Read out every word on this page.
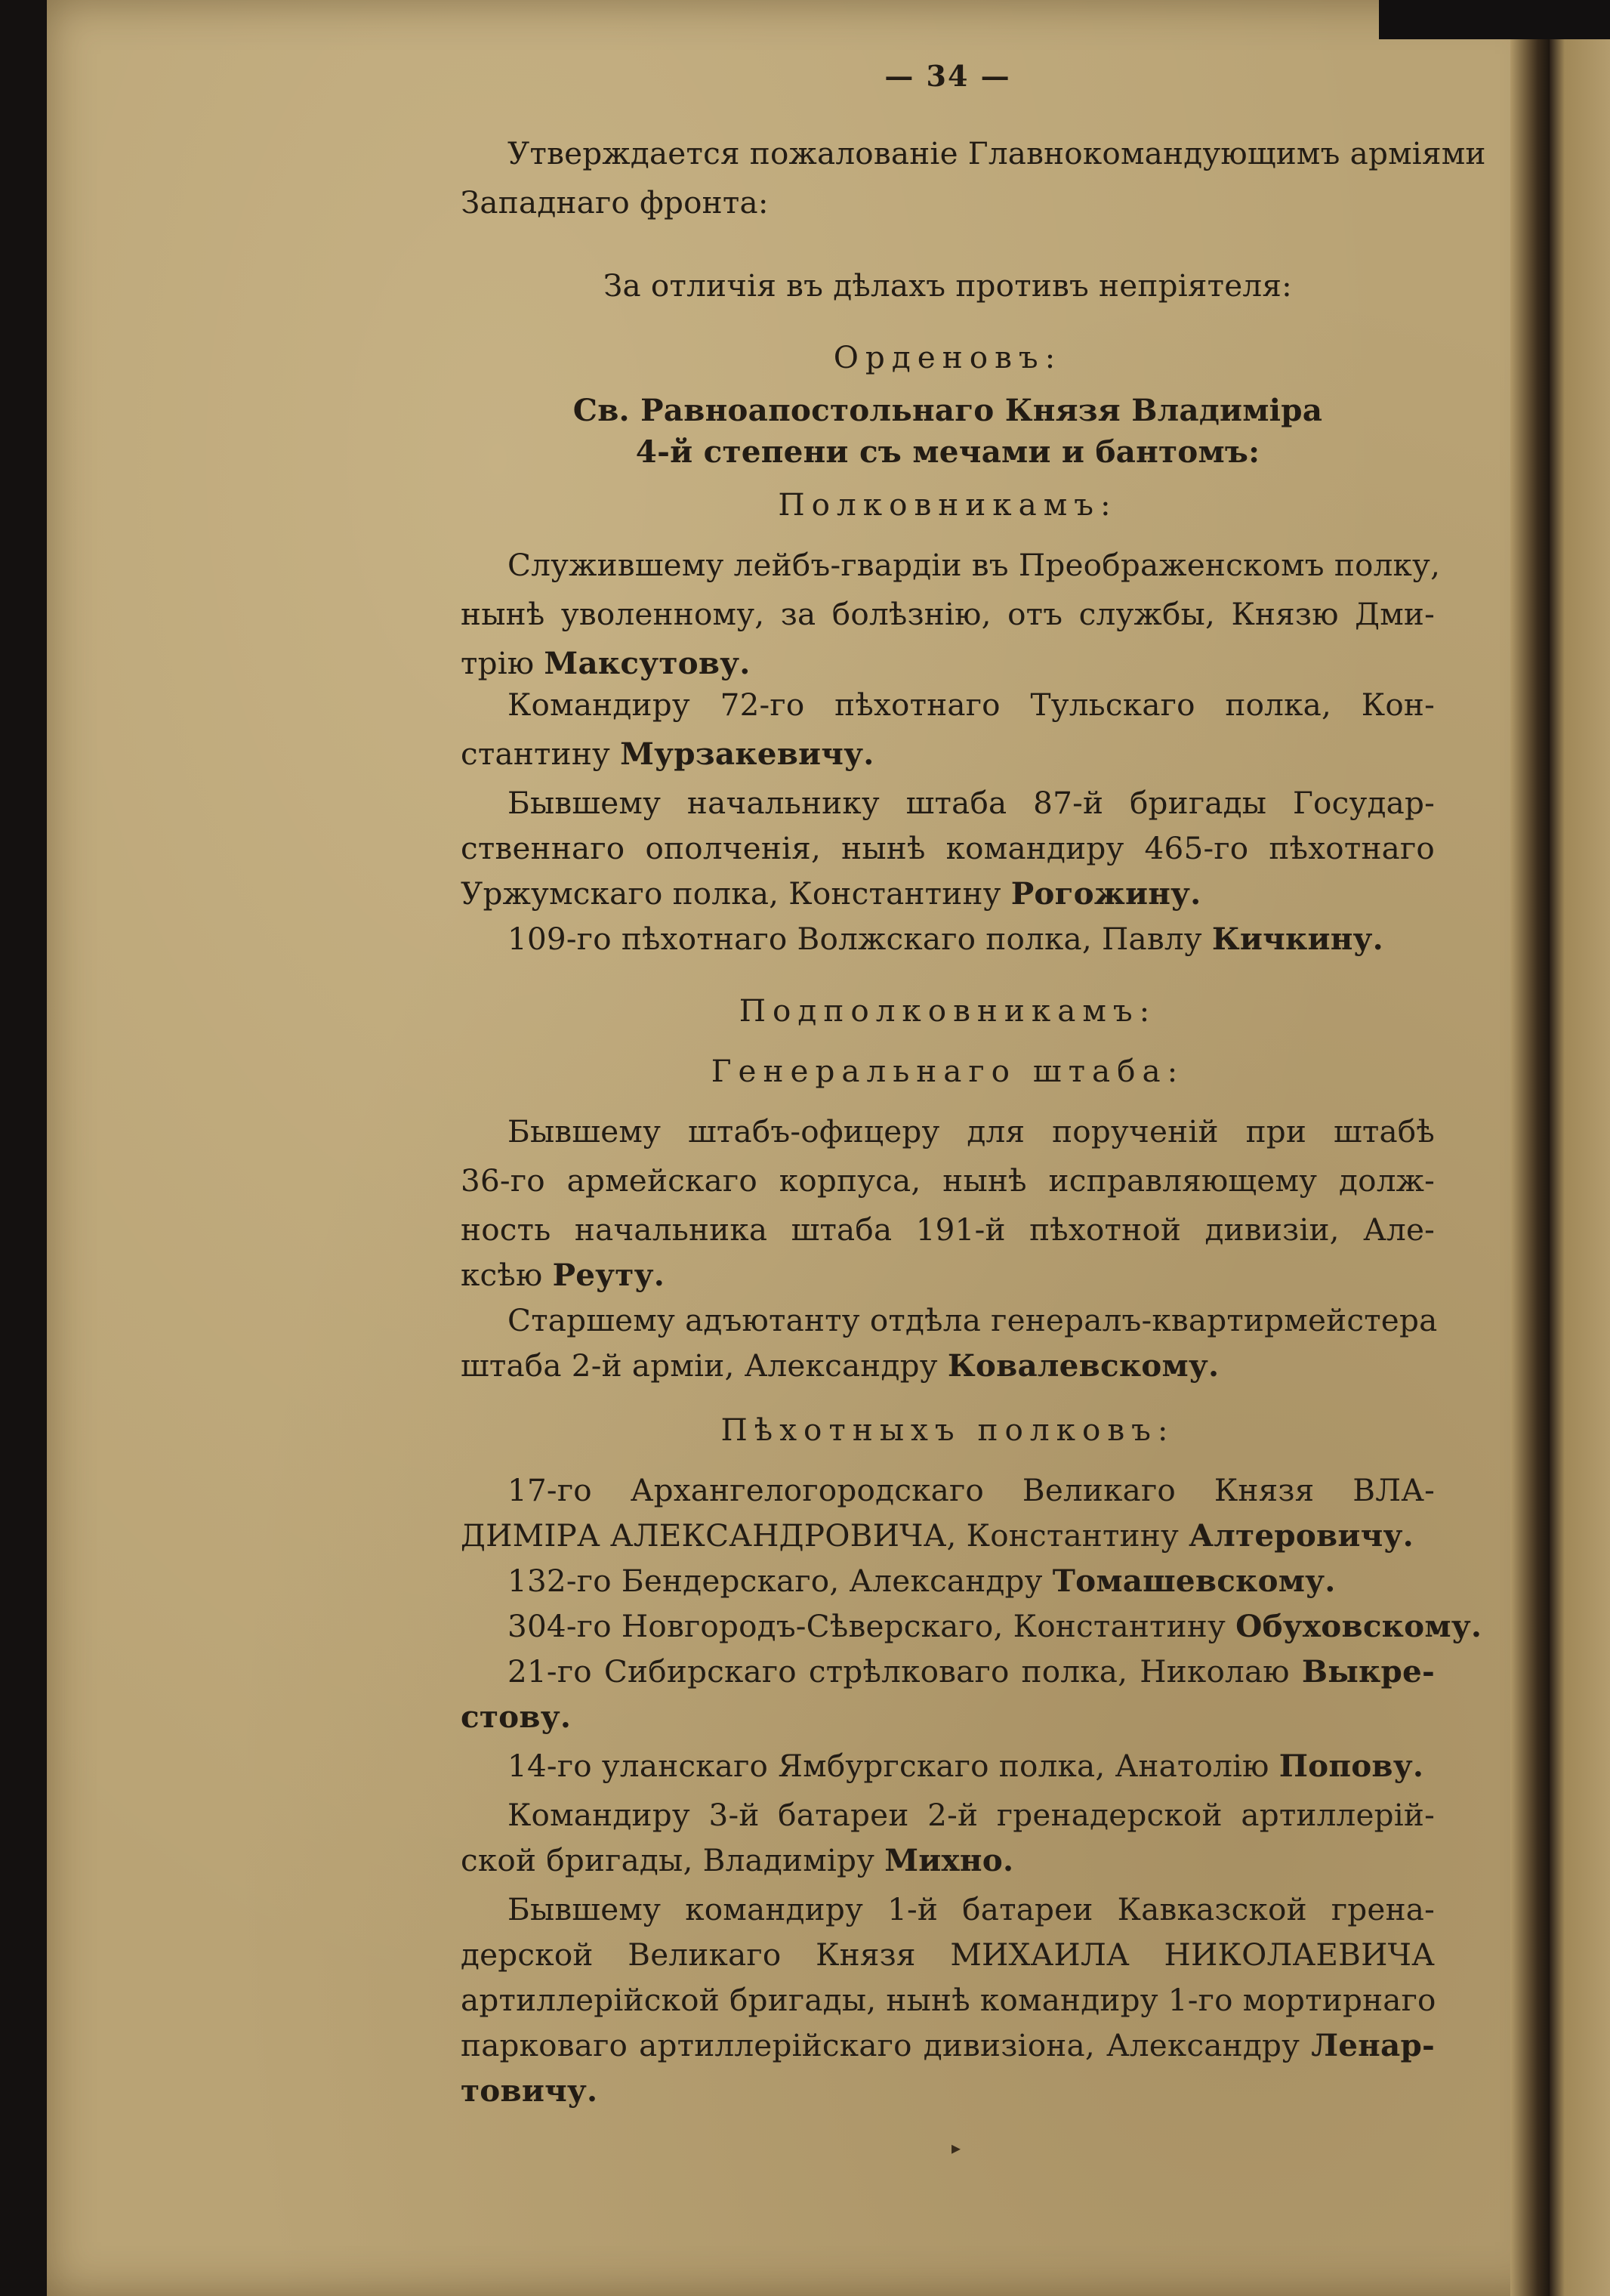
— 34 —
Утверждается пожалованіе Главнокомандующимъ арміями
Западнаго фронта:
За отличія въ дѣлахъ противъ непріятеля:
Орденовъ:
Св. Равноапостольнаго Князя Владиміра
4-й степени съ мечами и бантомъ:
Полковникамъ:
Служившему лейбъ-гвардіи въ Преображенскомъ полку,
нынѣ уволенному, за болѣзнію, отъ службы, Князю Дми-
трію Максутову.
Командиру 72-го пѣхотнаго Тульскаго полка, Кон-
стантину Мурзакевичу.
Бывшему начальнику штаба 87-й бригады Государ-
ственнаго ополченія, нынѣ командиру 465-го пѣхотнаго
Уржумскаго полка, Константину Рогожину.
109-го пѣхотнаго Волжскаго полка, Павлу Кичкину.
Подполковникамъ:
Генеральнаго штаба:
Бывшему штабъ-офицеру для порученій при штабѣ
36-го армейскаго корпуса, нынѣ исправляющему долж-
ность начальника штаба 191-й пѣхотной дивизіи, Але-
ксѣю Реуту.
Старшему адъютанту отдѣла генералъ-квартирмейстера
штаба 2-й арміи, Александру Ковалевскому.
Пѣхотныхъ полковъ:
17-го Архангелогородскаго Великаго Князя ВЛА-
ДИМІРА АЛЕКСАНДРОВИЧА, Константину Алтеровичу.
132-го Бендерскаго, Александру Томашевскому.
304-го Новгородъ-Сѣверскаго, Константину Обуховскому.
21-го Сибирскаго стрѣлковаго полка, Николаю Выкре-
стову.
14-го уланскаго Ямбургскаго полка, Анатолію Попову.
Командиру 3-й батареи 2-й гренадерской артиллерій-
ской бригады, Владиміру Михно.
Бывшему командиру 1-й батареи Кавказской грена-
дерской Великаго Князя МИХАИЛА НИКОЛАЕВИЧА
артиллерійской бригады, нынѣ командиру 1-го мортирнаго
парковаго артиллерійскаго дивизіона, Александру Ленар-
товичу.
▸
